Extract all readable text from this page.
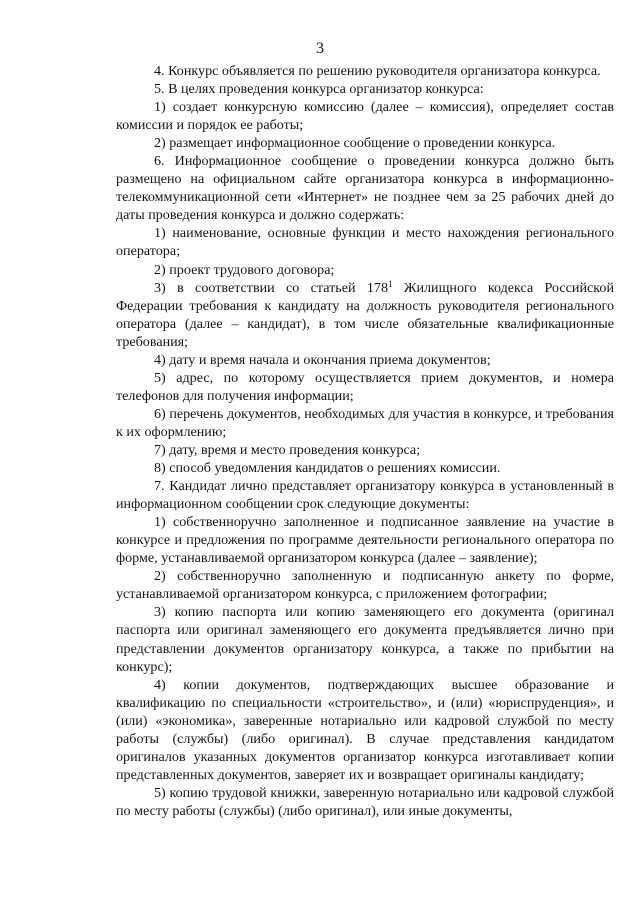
3

4. Конкурс объявляется по решению руководителя организатора конкурса.

5. В целях проведения конкурса организатор конкурса:

1) создает конкурсную комиссию (далее – комиссия), определяет состав комиссии и порядок ее работы;

2) размещает информационное сообщение о проведении конкурса.

6. Информационное сообщение о проведении конкурса должно быть размещено на официальном сайте организатора конкурса в информационно-телекоммуникационной сети «Интернет» не позднее чем за 25 рабочих дней до даты проведения конкурса и должно содержать:

1) наименование, основные функции и место нахождения регионального оператора;

2) проект трудового договора;

3) в соответствии со статьей $178^1$ Жилищного кодекса Российской Федерации требования к кандидату на должность руководителя регионального оператора (далее – кандидат), в том числе обязательные квалификационные требования;

4) дату и время начала и окончания приема документов;

5) адрес, по которому осуществляется прием документов, и номера телефонов для получения информации;

6) перечень документов, необходимых для участия в конкурсе, и требования к их оформлению;

7) дату, время и место проведения конкурса;

8) способ уведомления кандидатов о решениях комиссии.

7. Кандидат лично представляет организатору конкурса в установленный в информационном сообщении срок следующие документы:

1) собственноручно заполненное и подписанное заявление на участие в конкурсе и предложения по программе деятельности регионального оператора по форме, устанавливаемой организатором конкурса (далее – заявление);

2) собственноручно заполненную и подписанную анкету по форме, устанавливаемой организатором конкурса, с приложением фотографии;

3) копию паспорта или копию заменяющего его документа (оригинал паспорта или оригинал заменяющего его документа предъявляется лично при представлении документов организатору конкурса, а также по прибытии на конкурс);

4) копии документов, подтверждающих высшее образование и квалификацию по специальности «строительство», и (или) «юриспруденция», и (или) «экономика», заверенные нотариально или кадровой службой по месту работы (службы) (либо оригинал). В случае представления кандидатом оригиналов указанных документов организатор конкурса изготавливает копии представленных документов, заверяет их и возвращает оригиналы кандидату;

5) копию трудовой книжки, заверенную нотариально или кадровой службой по месту работы (службы) (либо оригинал), или иные документы,
